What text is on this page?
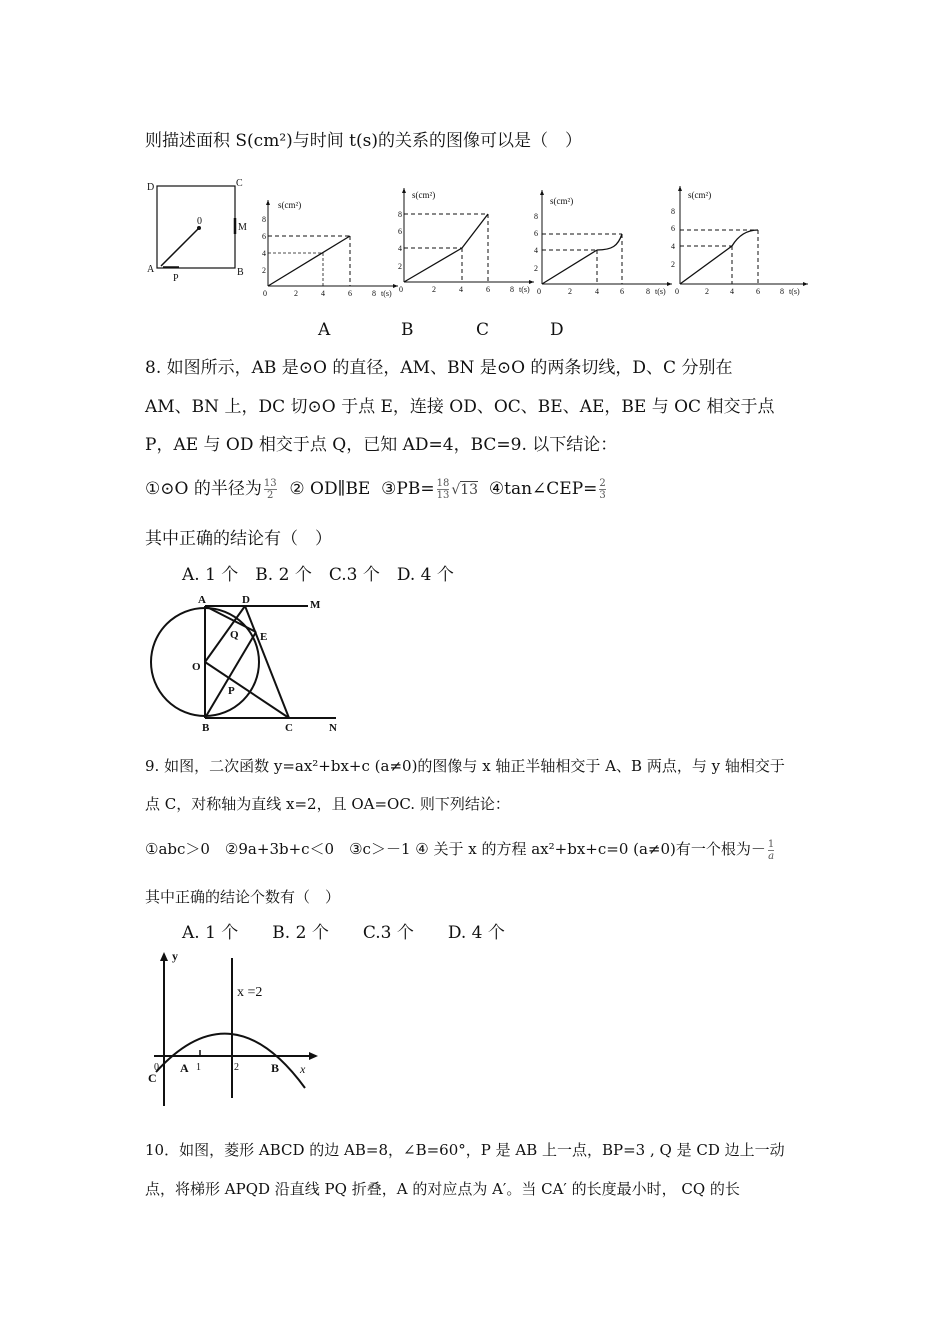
则描述面积 S(cm²)与时间 t(s)的关系的图像可以是（　）
D	C
A	B
0
M
P
s(cm²)
0	2	4	6	8 t(s)
2
4
6
8
s(cm²)
0	2	4	6	8 t(s)
2
4
6
8
s(cm²)
0	2	4	6	8 t(s)
2
4
6
8
s(cm²)
0	2	4	6	8 t(s)
2
4
6
8
A	B	C	D
8. 如图所示，AB 是⊙O 的直径，AM、BN 是⊙O 的两条切线，D、C 分别在
AM、BN 上，DC 切⊙O 于点 E，连接 OD、OC、BE、AE，BE 与 OC 相交于点
P，AE 与 OD 相交于点 Q，已知 AD=4，BC=9. 以下结论：
①⊙O 的半径为 $\frac{13}{2}$ ② OD∥BE ③PB= $\frac{18}{13} √13$ ④tan∠CEP= $\frac{2}{3}$
其中正确的结论有（　）
A. 1 个　B. 2 个　C.3 个　D. 4 个
A	D	M
Q E
O
P
B	C	N
9. 如图，二次函数 y=ax²+bx+c (a≠0)的图像与 x 轴正半轴相交于 A、B 两点，与 y 轴相交于
点 C，对称轴为直线 x=2，且 OA=OC. 则下列结论：
①abc＞0　②9a+3b+c＜0　③c＞－1 ④ 关于 x 的方程 ax²+bx+c=0 (a≠0)有一个根为－ $\frac{1}{a}$
其中正确的结论个数有（　）
A. 1 个　　B. 2 个　　C.3 个　　D. 4 个
y
x
x =2
0
C
A 1	2	B
10．如图，菱形 ABCD 的边 AB=8，∠B=60°，P 是 AB 上一点，BP=3 , Q 是 CD 边上一动
点，将梯形 APQD 沿直线 PQ 折叠，A 的对应点为 A′。当 CA′ 的长度最小时， CQ 的长
